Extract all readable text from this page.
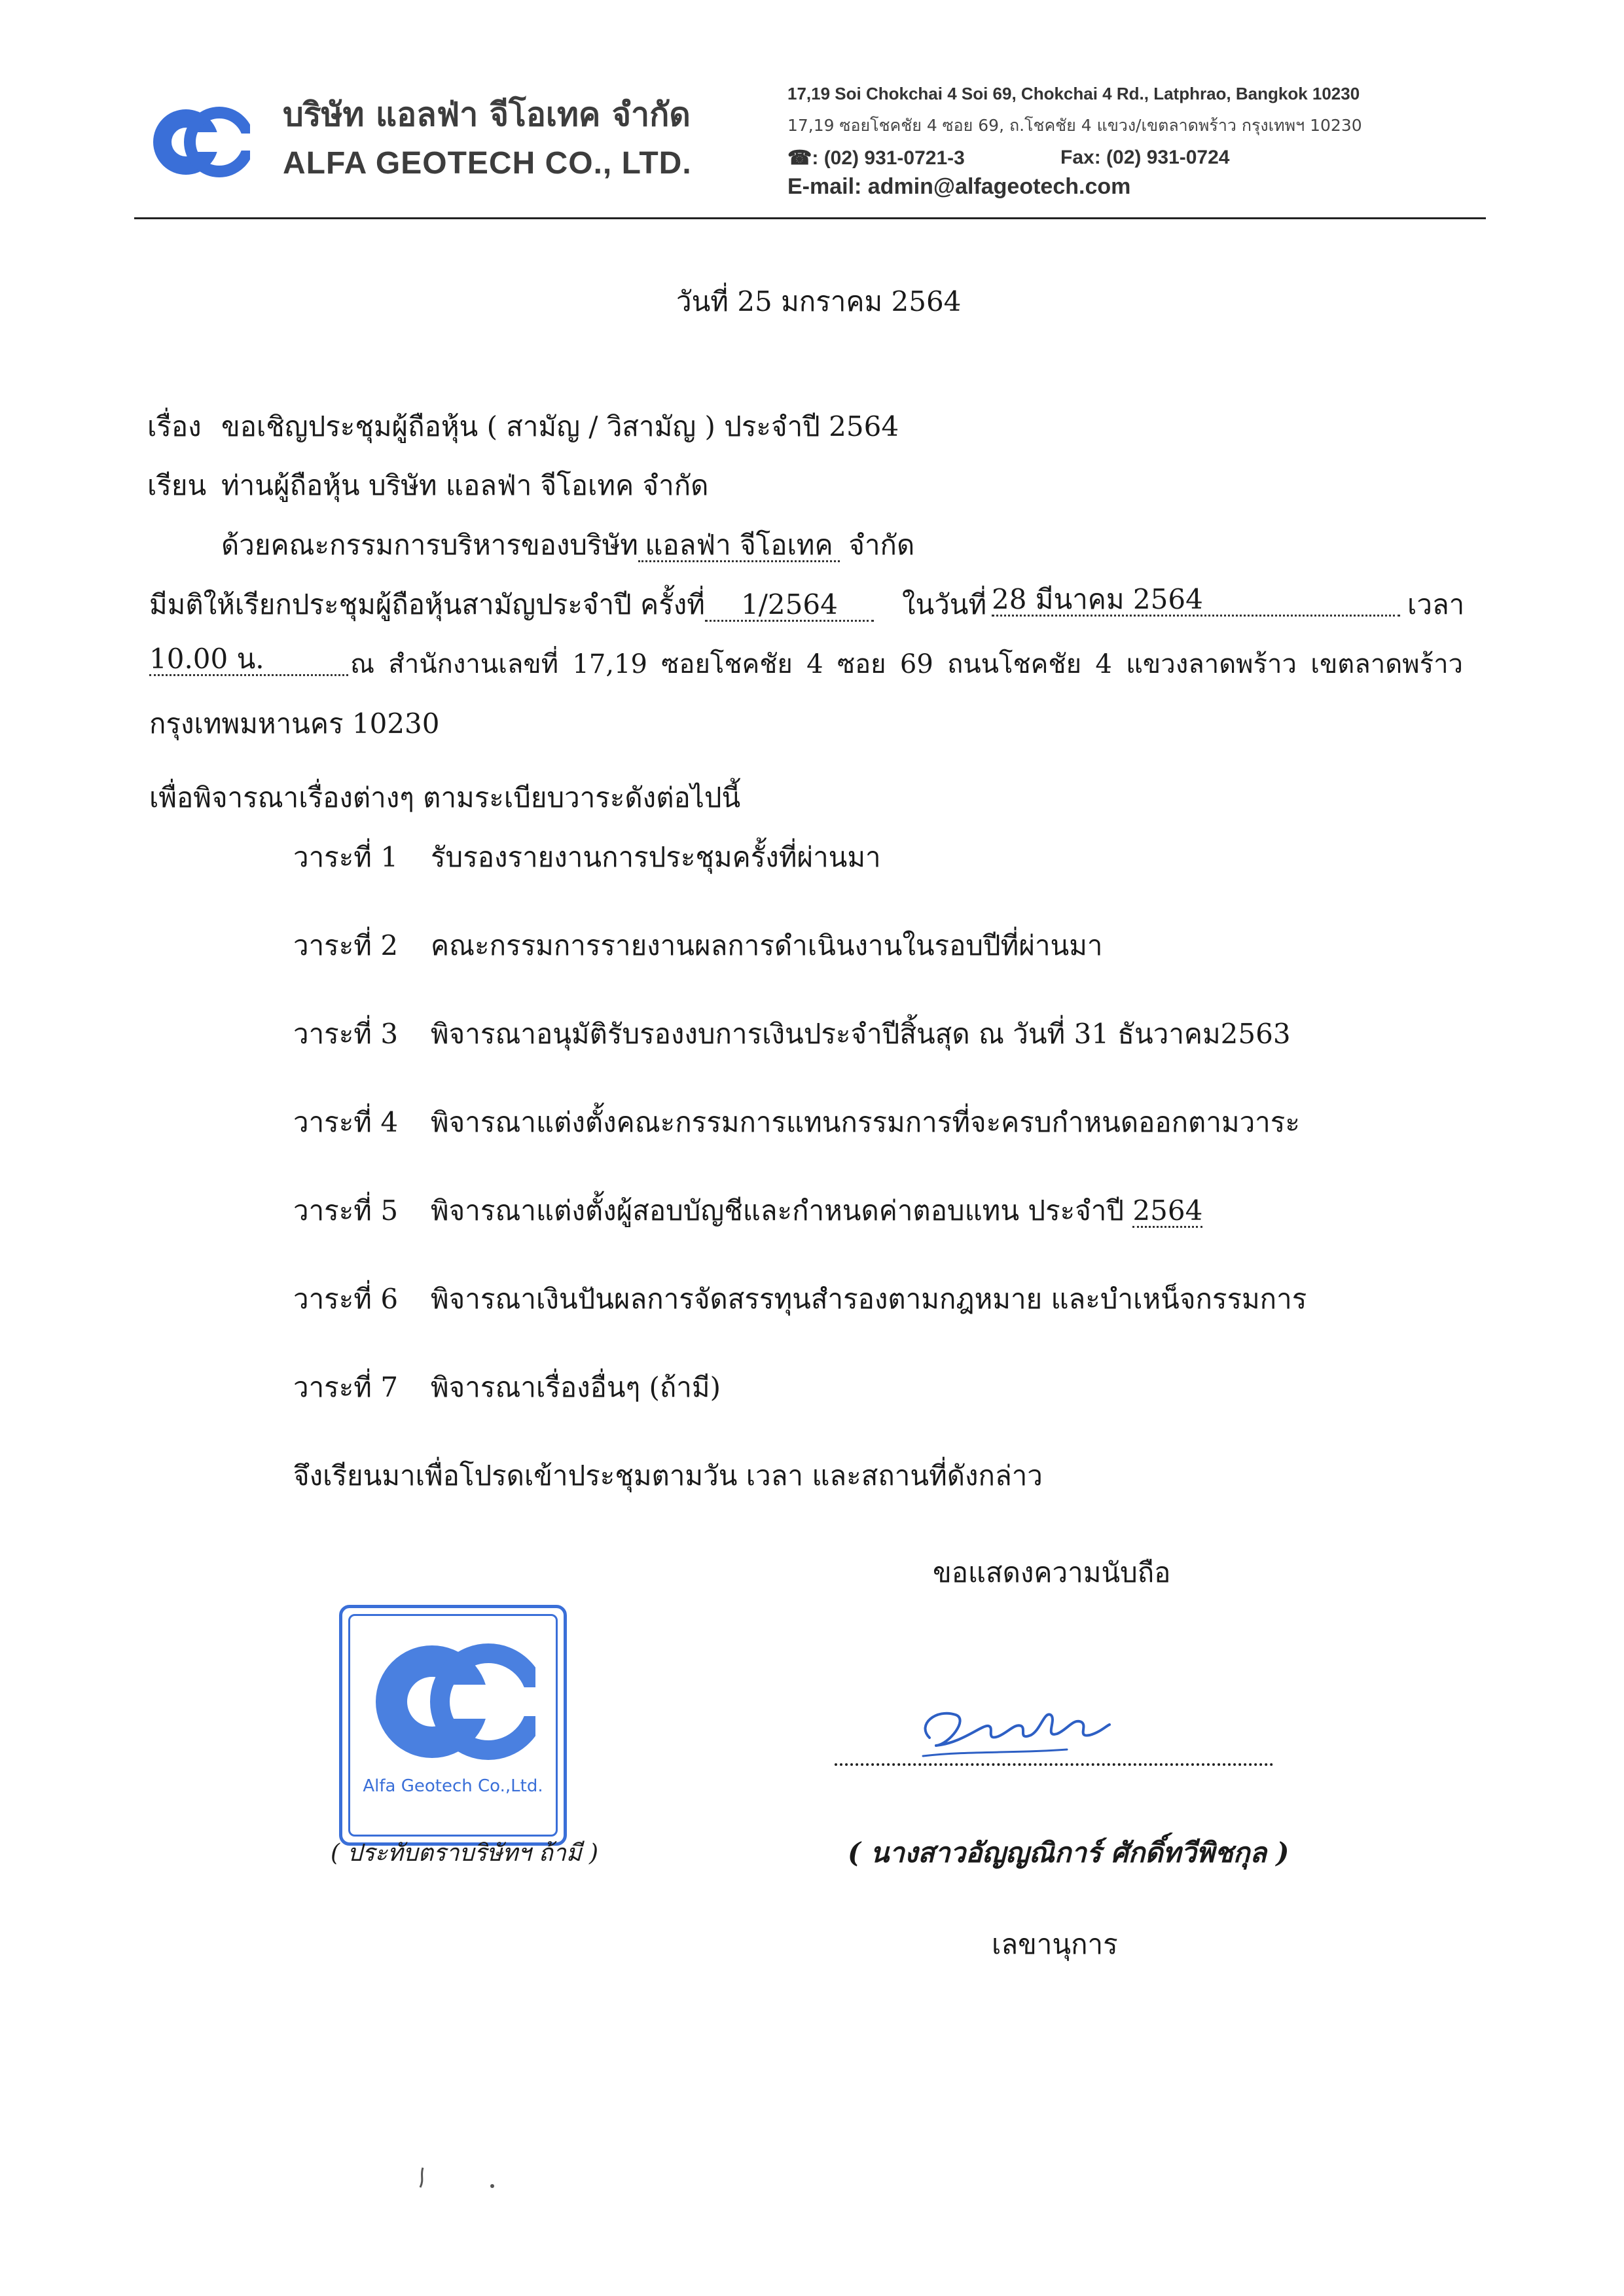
บริษัท แอลฟ่า จีโอเทค จำกัด
ALFA GEOTECH CO., LTD.
17,19 Soi Chokchai 4 Soi 69, Chokchai 4 Rd., Latphrao, Bangkok 10230
17,19 ซอยโชคชัย 4 ซอย 69, ถ.โชคชัย 4 แขวง/เขตลาดพร้าว กรุงเทพฯ 10230
☎: (02) 931-0721-3	Fax: (02) 931-0724
E-mail: admin@alfageotech.com
วันที่ 25 มกราคม 2564
เรื่อง ขอเชิญประชุมผู้ถือหุ้น ( สามัญ / วิสามัญ ) ประจำปี 2564
เรียน ท่านผู้ถือหุ้น บริษัท แอลฟ่า จีโอเทค จำกัด
ด้วยคณะกรรมการบริหารของบริษัท แอลฟ่า จีโอเทค จำกัด
มีมติให้เรียกประชุมผู้ถือหุ้นสามัญประจำปี ครั้งที่ 1/2564	ในวันที่ 28 มีนาคม 2564	เวลา
10.00 น.	ณ สำนักงานเลขที่ 17,19 ซอยโชคชัย 4 ซอย 69 ถนนโชคชัย 4 แขวงลาดพร้าว เขตลาดพร้าว
กรุงเทพมหานคร 10230
เพื่อพิจารณาเรื่องต่างๆ ตามระเบียบวาระดังต่อไปนี้
วาระที่ 1 รับรองรายงานการประชุมครั้งที่ผ่านมา
วาระที่ 2 คณะกรรมการรายงานผลการดำเนินงานในรอบปีที่ผ่านมา
วาระที่ 3 พิจารณาอนุมัติรับรองงบการเงินประจำปีสิ้นสุด ณ วันที่ 31 ธันวาคม2563
วาระที่ 4 พิจารณาแต่งตั้งคณะกรรมการแทนกรรมการที่จะครบกำหนดออกตามวาระ
วาระที่ 5 พิจารณาแต่งตั้งผู้สอบบัญชีและกำหนดค่าตอบแทน ประจำปี 2564
วาระที่ 6 พิจารณาเงินปันผลการจัดสรรทุนสำรองตามกฎหมาย และบำเหน็จกรรมการ
วาระที่ 7 พิจารณาเรื่องอื่นๆ (ถ้ามี)
จึงเรียนมาเพื่อโปรดเข้าประชุมตามวัน เวลา และสถานที่ดังกล่าว
ขอแสดงความนับถือ
Alfa Geotech Co.,Ltd.
( ประทับตราบริษัทฯ ถ้ามี )	( นางสาวอัญญณิการ์ ศักดิ์ทวีพิชกุล )
เลขานุการ
